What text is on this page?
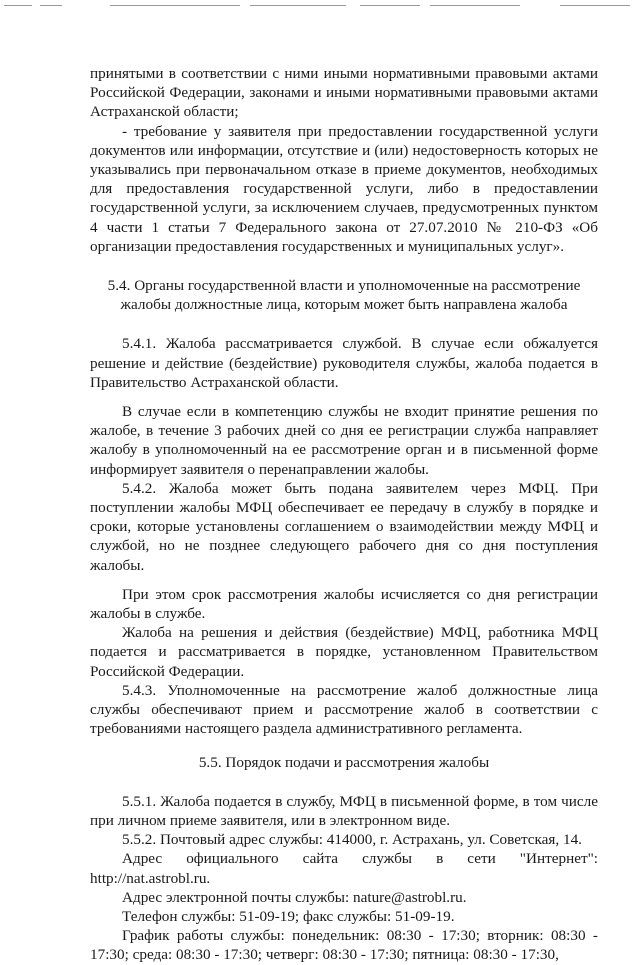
принятыми в соответствии с ними иными нормативными правовыми актами Российской Федерации, законами и иными нормативными правовыми актами Астраханской области;

- требование у заявителя при предоставлении государственной услуги документов или информации, отсутствие и (или) недостоверность которых не указывались при первоначальном отказе в приеме документов, необходимых для предоставления государственной услуги, либо в предоставлении государственной услуги, за исключением случаев, предусмотренных пунктом 4 части 1 статьи 7 Федерального закона от 27.07.2010 № 210-ФЗ «Об организации предоставления государственных и муниципальных услуг».

5.4. Органы государственной власти и уполномоченные на рассмотрение жалобы должностные лица, которым может быть направлена жалоба

5.4.1. Жалоба рассматривается службой. В случае если обжалуется решение и действие (бездействие) руководителя службы, жалоба подается в Правительство Астраханской области.

В случае если в компетенцию службы не входит принятие решения по жалобе, в течение 3 рабочих дней со дня ее регистрации служба направляет жалобу в уполномоченный на ее рассмотрение орган и в письменной форме информирует заявителя о перенаправлении жалобы.

5.4.2. Жалоба может быть подана заявителем через МФЦ. При поступлении жалобы МФЦ обеспечивает ее передачу в службу в порядке и сроки, которые установлены соглашением о взаимодействии между МФЦ и службой, но не позднее следующего рабочего дня со дня поступления жалобы.

При этом срок рассмотрения жалобы исчисляется со дня регистрации жалобы в службе.

Жалоба на решения и действия (бездействие) МФЦ, работника МФЦ подается и рассматривается в порядке, установленном Правительством Российской Федерации.

5.4.3. Уполномоченные на рассмотрение жалоб должностные лица службы обеспечивают прием и рассмотрение жалоб в соответствии с требованиями настоящего раздела административного регламента.

5.5. Порядок подачи и рассмотрения жалобы

5.5.1. Жалоба подается в службу, МФЦ в письменной форме, в том числе при личном приеме заявителя, или в электронном виде.

5.5.2. Почтовый адрес службы: 414000, г. Астрахань, ул. Советская, 14.

Адрес официального сайта службы в сети "Интернет": http://nat.astrobl.ru.

Адрес электронной почты службы: nature@astrobl.ru.

Телефон службы: 51-09-19; факс службы: 51-09-19.

График работы службы: понедельник: 08:30 - 17:30; вторник: 08:30 - 17:30; среда: 08:30 - 17:30; четверг: 08:30 - 17:30; пятница: 08:30 - 17:30,
